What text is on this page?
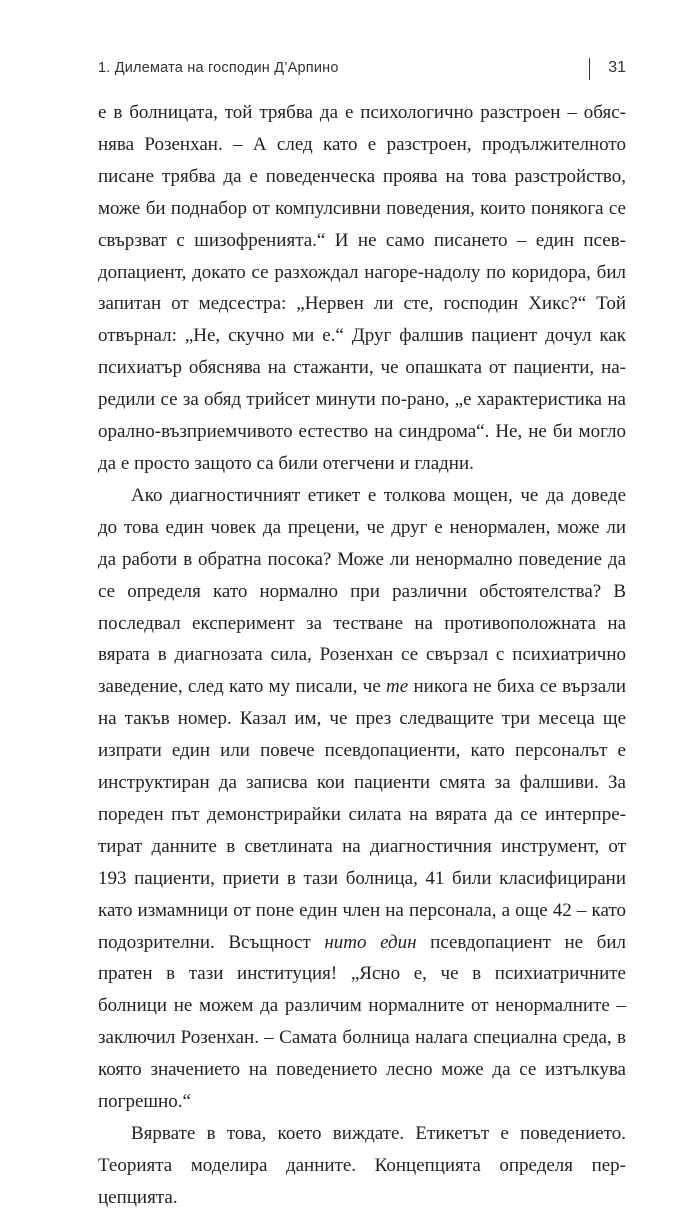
1. Дилемата на господин Д’Арпино	31

е в болницата, той трябва да е психологично разстроен – обяснява Розенхан. – А след като е разстроен, продължителното писане трябва да е поведенческа проява на това разстройство, може би поднабор от компулсивни поведения, които понякога се свързват с шизофренията.“ И не само писането – един псевдопациент, докато се разхождал нагоре-надолу по коридора, бил запитан от медсестра: „Нервен ли сте, господин Хикс?“ Той отвърнал: „Не, скучно ми е.“ Друг фалшив пациент дочул как психиатър обяснява на стажанти, че опашката от пациенти, наредили се за обяд трийсет минути по-рано, „е характеристика на орално-възприемчивото естество на синдрома“. Не, не би могло да е просто защото са били отегчени и гладни.

Ако диагностичният етикет е толкова мощен, че да доведе до това един човек да прецени, че друг е ненормален, може ли да работи в обратна посока? Може ли ненормално поведение да се определя като нормално при различни обстоятелства? В последвал експеримент за тестване на противоположната на вярата в диагнозата сила, Розенхан се свързал с психиатрично заведение, след като му писали, че те никога не биха се вързали на такъв номер. Казал им, че през следващите три месеца ще изпрати един или повече псевдопациенти, като персоналът е инструктиран да записва кои пациенти смята за фалшиви. За пореден път демонстрирайки силата на вярата да се интерпретират данните в светлината на диагностичния инструмент, от 193 пациенти, приети в тази болница, 41 били класифицирани като измамници от поне един член на персонала, а още 42 – като подозрителни. Всъщност нито един псевдопациент не бил пратен в тази институция! „Ясно е, че в психиатричните болници не можем да различим нормалните от ненормалните – заключил Розенхан. – Самата болница налага специална среда, в която значението на поведението лесно може да се изтълкува погрешно.“

Вярвате в това, което виждате. Етикетът е поведението. Теорията моделира данните. Концепцията определя перцепцията.
